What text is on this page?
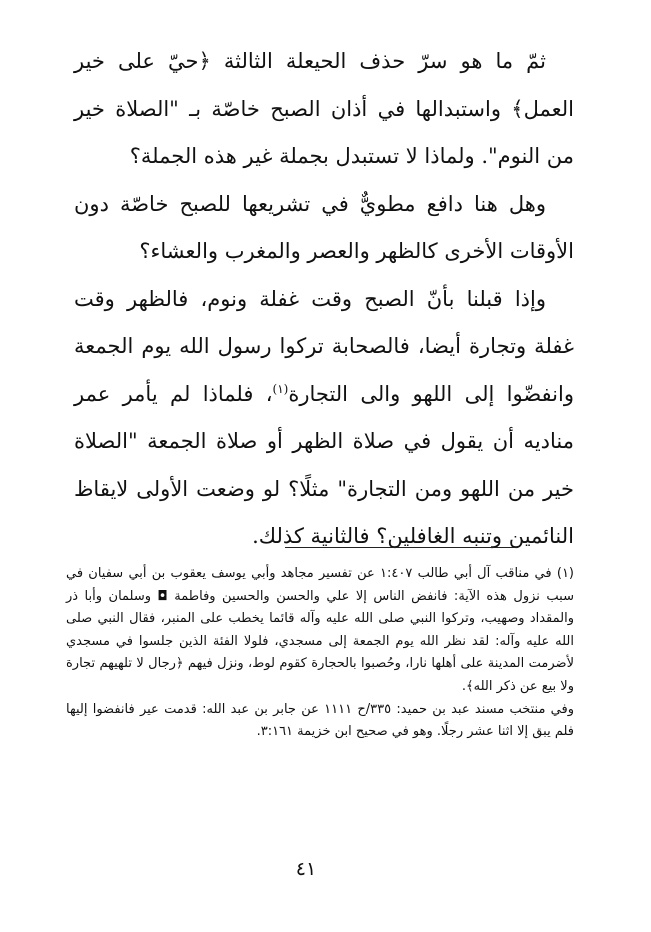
ثمّ ما هو سرّ حذف الحيعلة الثالثة ﴿حيّ على خير العمل﴾ واستبدالها في أذان الصبح خاصّة بـ "الصلاة خير من النوم". ولماذا لا تستبدل بجملة غير هذه الجملة؟

وهل هنا دافع مطويٌّ في تشريعها للصبح خاصّة دون الأوقات الأخرى كالظهر والعصر والمغرب والعشاء؟

وإذا قبلنا بأنّ الصبح وقت غفلة ونوم، فالظهر وقت غفلة وتجارة أيضا، فالصحابة تركوا رسول الله يوم الجمعة وانفضّوا إلى اللهو والى التجارة$^{(١)}$، فلماذا لم يأمر عمر مناديه أن يقول في صلاة الظهر أو صلاة الجمعة "الصلاة خير من اللهو ومن التجارة" مثلًا؟ لو وضعت الأولى لايقاظ النائمين وتنبه الغافلين؟ فالثانية كذلك.

(١) في مناقب آل أبي طالب ١:٤٠٧ عن تفسير مجاهد وأبي يوسف يعقوب بن أبي سفيان في سبب نزول هذه الآية: فانفض الناس إلا علي والحسن والحسين وفاطمة ◘ وسلمان وأبا ذر والمقداد وصهيب، وتركوا النبي صلى الله عليه وآله قائما يخطب على المنبر، فقال النبي صلى الله عليه وآله: لقد نظر الله يوم الجمعة إلى مسجدي، فلولا الفئة الذين جلسوا في مسجدي لأضرمت المدينة على أهلها نارا، وحُصبوا بالحجارة كقوم لوط، ونزل فيهم ﴿رجال لا تلهيهم تجارة ولا بيع عن ذكر الله﴾.

وفي منتخب مسند عبد بن حميد: ٣٣٥/ح ١١١١ عن جابر بن عبد الله: قدمت عير فانفضوا إليها فلم يبق إلا اثنا عشر رجلًا. وهو في صحيح ابن خزيمة ٣:١٦١.

٤١
